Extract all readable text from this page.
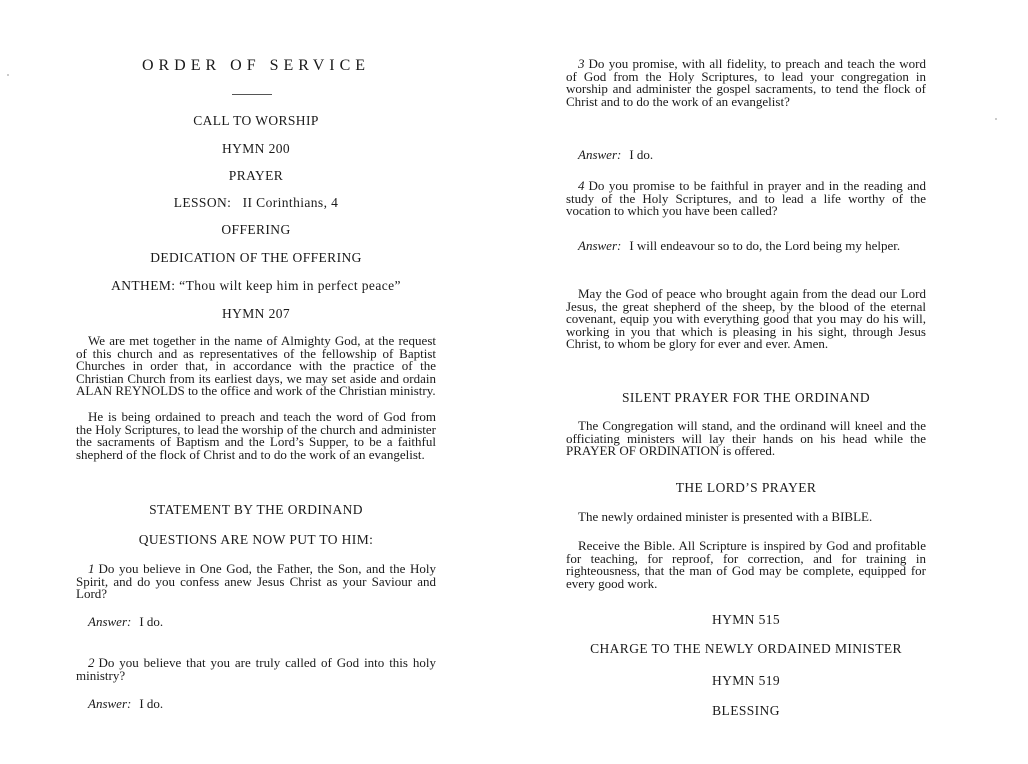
ORDER OF SERVICE
CALL TO WORSHIP
HYMN 200
PRAYER
LESSON:   II Corinthians, 4
OFFERING
DEDICATION OF THE OFFERING
ANTHEM: “Thou wilt keep him in perfect peace”
HYMN 207
We are met together in the name of Almighty God, at the request of this church and as representatives of the fellowship of Baptist Churches in order that, in accordance with the practice of the Christian Church from its earliest days, we may set aside and ordain ALAN REYNOLDS to the office and work of the Christian ministry.
He is being ordained to preach and teach the word of God from the Holy Scriptures, to lead the worship of the church and administer the sacraments of Baptism and the Lord’s Supper, to be a faithful shepherd of the flock of Christ and to do the work of an evangelist.
STATEMENT BY THE ORDINAND
QUESTIONS ARE NOW PUT TO HIM:
1 Do you believe in One God, the Father, the Son, and the Holy Spirit, and do you confess anew Jesus Christ as your Saviour and Lord?
Answer: I do.
2 Do you believe that you are truly called of God into this holy ministry?
Answer: I do.
3 Do you promise, with all fidelity, to preach and teach the word of God from the Holy Scriptures, to lead your congregation in worship and administer the gospel sacraments, to tend the flock of Christ and to do the work of an evangelist?
Answer: I do.
4 Do you promise to be faithful in prayer and in the reading and study of the Holy Scriptures, and to lead a life worthy of the vocation to which you have been called?
Answer: I will endeavour so to do, the Lord being my helper.
May the God of peace who brought again from the dead our Lord Jesus, the great shepherd of the sheep, by the blood of the eternal covenant, equip you with everything good that you may do his will, working in you that which is pleasing in his sight, through Jesus Christ, to whom be glory for ever and ever. Amen.
SILENT PRAYER FOR THE ORDINAND
The Congregation will stand, and the ordinand will kneel and the officiating ministers will lay their hands on his head while the PRAYER OF ORDINATION is offered.
THE LORD’S PRAYER
The newly ordained minister is presented with a BIBLE.
Receive the Bible. All Scripture is inspired by God and profitable for teaching, for reproof, for correction, and for training in righteousness, that the man of God may be complete, equipped for every good work.
HYMN 515
CHARGE TO THE NEWLY ORDAINED MINISTER
HYMN 519
BLESSING
